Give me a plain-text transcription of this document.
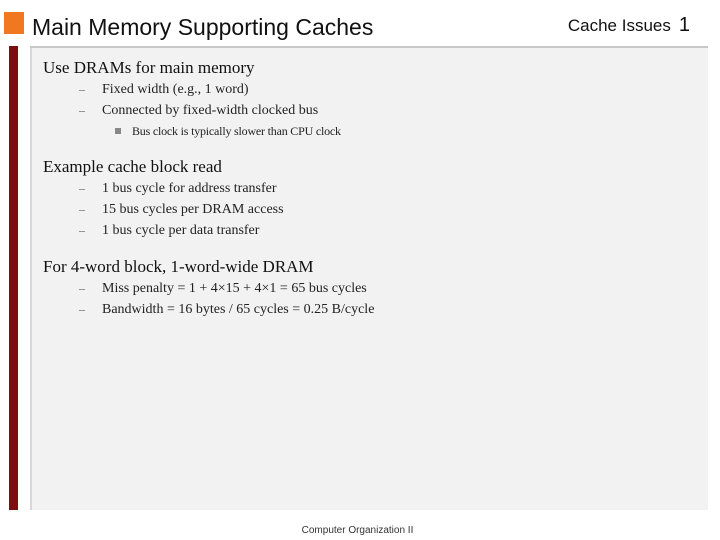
Main Memory Supporting Caches	Cache Issues 1

Use DRAMs for main memory

– Fixed width (e.g., 1 word)
– Connected by fixed-width clocked bus
Bus clock is typically slower than CPU clock

Example cache block read

– 1 bus cycle for address transfer
– 15 bus cycles per DRAM access
– 1 bus cycle per data transfer

For 4-word block, 1-word-wide DRAM

– Miss penalty = 1 + 4×15 + 4×1 = 65 bus cycles
– Bandwidth = 16 bytes / 65 cycles = 0.25 B/cycle
Computer Organization II
